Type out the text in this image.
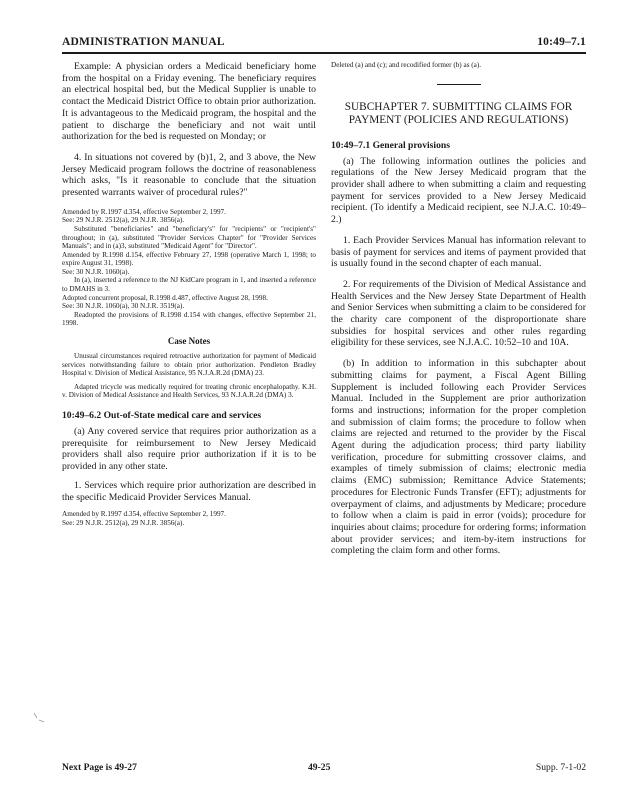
ADMINISTRATION MANUAL	10:49–7.1

Example: A physician orders a Medicaid beneficiary home from the hospital on a Friday evening. The beneficiary requires an electrical hospital bed, but the Medical Supplier is unable to contact the Medicaid District Office to obtain prior authorization. It is advantageous to the Medicaid program, the hospital and the patient to discharge the beneficiary and not wait until authorization for the bed is requested on Monday; or

4. In situations not covered by (b)1, 2, and 3 above, the New Jersey Medicaid program follows the doctrine of reasonableness which asks, "Is it reasonable to conclude that the situation presented warrants waiver of procedural rules?"

Amended by R.1997 d.354, effective September 2, 1997.

See: 29 N.J.R. 2512(a), 29 N.J.R. 3856(a).

Substituted "beneficiaries" and "beneficiary's" for "recipients" or "recipient's" throughout; in (a), substituted "Provider Services Chapter" for "Provider Services Manuals"; and in (a)3, substituted "Medicaid Agent" for "Director".

Amended by R.1998 d.154, effective February 27, 1998 (operative March 1, 1998; to expire August 31, 1998).

See: 30 N.J.R. 1060(a).

In (a), inserted a reference to the NJ KidCare program in 1, and inserted a reference to DMAHS in 3.

Adopted concurrent proposal, R.1998 d.487, effective August 28, 1998.

See: 30 N.J.R. 1060(a), 30 N.J.R. 3519(a).

Readopted the provisions of R.1998 d.154 with changes, effective September 21, 1998.

Case Notes

Unusual circumstances required retroactive authorization for payment of Medicaid services notwithstanding failure to obtain prior authorization. Pendleton Bradley Hospital v. Division of Medical Assistance, 95 N.J.A.R.2d (DMA) 23.

Adapted tricycle was medically required for treating chronic encephalopathy. K.H. v. Division of Medical Assistance and Health Services, 93 N.J.A.R.2d (DMA) 3.

10:49–6.2 Out-of-State medical care and services

(a) Any covered service that requires prior authorization as a prerequisite for reimbursement to New Jersey Medicaid providers shall also require prior authorization if it is to be provided in any other state.

1. Services which require prior authorization are described in the specific Medicaid Provider Services Manual.

Amended by R.1997 d.354, effective September 2, 1997.

See: 29 N.J.R. 2512(a), 29 N.J.R. 3856(a).

Deleted (a) and (c); and recodified former (b) as (a).

SUBCHAPTER 7. SUBMITTING CLAIMS FOR PAYMENT (POLICIES AND REGULATIONS)

10:49–7.1 General provisions

(a) The following information outlines the policies and regulations of the New Jersey Medicaid program that the provider shall adhere to when submitting a claim and requesting payment for services provided to a New Jersey Medicaid recipient. (To identify a Medicaid recipient, see N.J.A.C. 10:49–2.)

1. Each Provider Services Manual has information relevant to basis of payment for services and items of payment provided that is usually found in the second chapter of each manual.

2. For requirements of the Division of Medical Assistance and Health Services and the New Jersey State Department of Health and Senior Services when submitting a claim to be considered for the charity care component of the disproportionate share subsidies for hospital services and other rules regarding eligibility for these services, see N.J.A.C. 10:52–10 and 10A.

(b) In addition to information in this subchapter about submitting claims for payment, a Fiscal Agent Billing Supplement is included following each Provider Services Manual. Included in the Supplement are prior authorization forms and instructions; information for the proper completion and submission of claim forms; the procedure to follow when claims are rejected and returned to the provider by the Fiscal Agent during the adjudication process; third party liability verification, procedure for submitting crossover claims, and examples of timely submission of claims; electronic media claims (EMC) submission; Remittance Advice Statements; procedures for Electronic Funds Transfer (EFT); adjustments for overpayment of claims, and adjustments by Medicare; procedure to follow when a claim is paid in error (voids); procedure for inquiries about claims; procedure for ordering forms; information about provider services; and item-by-item instructions for completing the claim form and other forms.

Next Page is 49-27	49-25	Supp. 7-1-02
